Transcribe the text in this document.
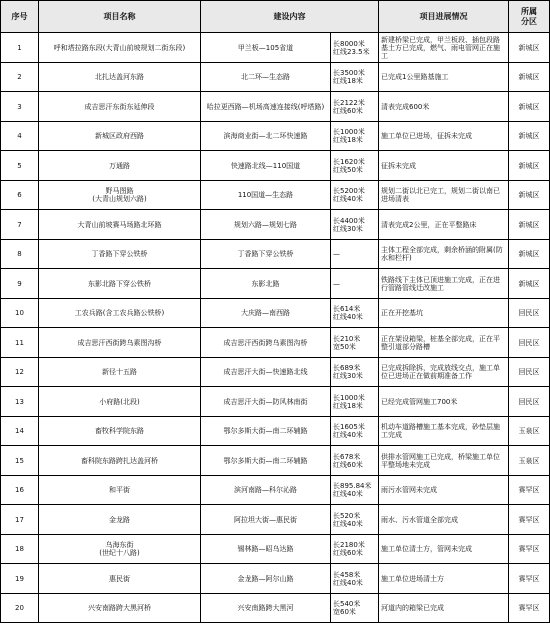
序号	项目名称	建设内容		项目进展情况	所属
分区
1	呼和塔拉路东段(大青山前坡规划二街东段)	甲兰板—105省道	长8000米
红线23.5米	新建桥梁已完成，甲兰板段、插包段路基土方已完成，燃气、雨电管网正在施工	新城区
2	北扎达盖河东路	北二环—生态路	长3500米
红线18米	已完成1公里路基施工	新城区
3	成吉思汗东街东延伸段	哈拉更西路—机场高速连接线(呼塔路)	长2122米
红线60米	清表完成600米	新城区
4	新城区政府西路	滨海商业街—北二环快速路	长1000米
红线18米	施工单位已进场，征拆未完成	新城区
5	万通路	快速路北线—110国道	长1620米
红线50米	征拆未完成	新城区
6	野马图路
(大青山规划六路)	110国道—生态路	长5200米
红线40米	规划二街以北已完工，规划二街以南已进场清表	新城区
7	大青山前坡赛马场路北环路	规划六路—规划七路	长4400米
红线30米	清表完成2公里，正在平整路床	新城区
8	丁香路下穿公铁桥	丁香路下穿公铁桥	—	主体工程全部完成，剩余桥涵的附属(防水和栏杆)	新城区
9	东影北路下穿公铁桥	东影北路	—	铁路线下主体已顶进施工完成，正在进行管路管线迁改施工	新城区
10	工农兵路(含工农兵路公铁桥)	大庆路—南西路	长614米
红线40米	正在开挖基坑	回民区
11	成吉思汗西街跨乌素图沟桥	成吉思汗西街跨乌素图沟桥	长210米
宽50米	正在架设箱梁，桩基全部完成，正在平整引道部分路槽	回民区
12	新径十五路	成吉思汗大街—快速路北线	长689米
红线30米	已完成拆除拆，完成放线交点，施工单位已进场正在做前期准备工作	回民区
13	小府路(北段)	成吉思汗大街—防风林南街	长1000米
红线18米	已经完成管网施工700米	回民区
14	畜牧科学院东路	鄂尔多斯大街—南二环辅路	长1605米
红线40米	机动车道路槽施工基本完成，砂垫层施工完成	玉泉区
15	畜科院东路跨扎达盖河桥	鄂尔多斯大街—南二环辅路	长678米
红线60米	供排水管网施工已完成，桥梁施工单位平整场地未完成	玉泉区
16	和平街	滨河南路—科尔沁路	长895.84米
红线40米	雨污水管网未完成	赛罕区
17	金龙路	阿拉坦大街—惠民街	长520米
红线40米	雨水、污水管道全部完成	赛罕区
18	乌海东街
(世纪十八路)	锡林路—昭乌达路	长2180米
红线60米	施工单位清土方，管网未完成	赛罕区
19	惠民街	金龙路—阿尔山路	长458米
红线40米	施工单位进场清土方	赛罕区
20	兴安南路跨大黑河桥	兴安南路跨大黑河	长540米
宽60米	河道内的箱梁已完成	赛罕区
